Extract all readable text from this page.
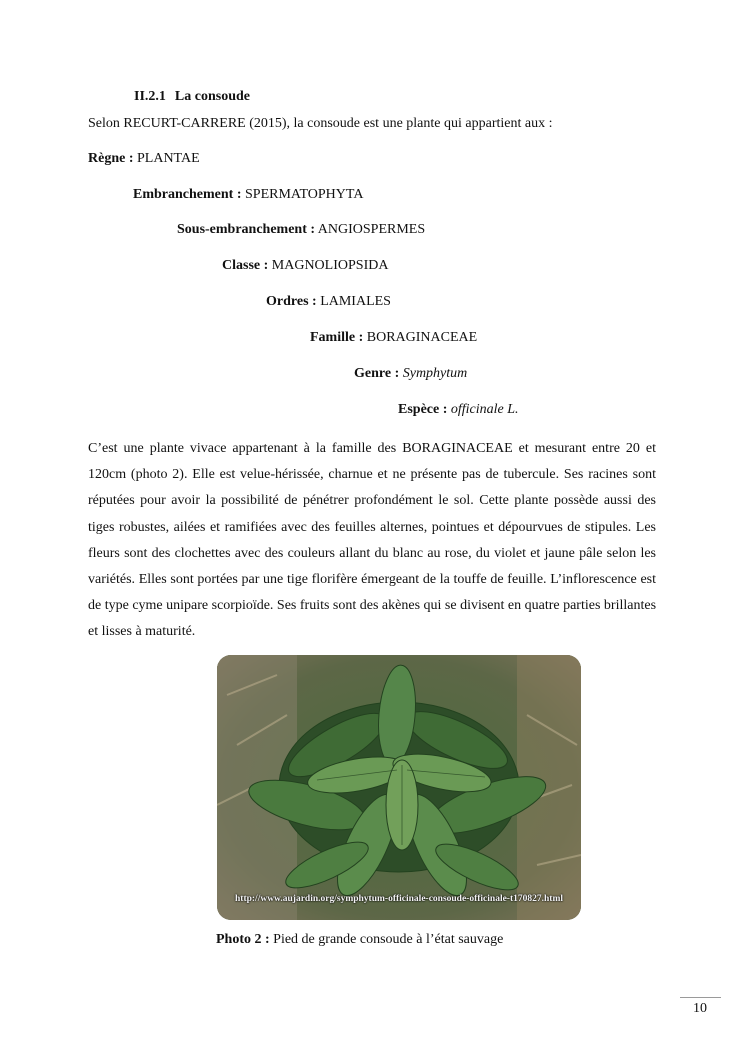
II.2.1 La consoude
Selon RECURT-CARRERE (2015), la consoude est une plante qui appartient aux :
Règne : PLANTAE
Embranchement : SPERMATOPHYTA
Sous-embranchement : ANGIOSPERMES
Classe : MAGNOLIOPSIDA
Ordres : LAMIALES
Famille : BORAGINACEAE
Genre : Symphytum
Espèce : officinale L.

C’est une plante vivace appartenant à la famille des BORAGINACEAE et mesurant entre 20 et 120cm (photo 2). Elle est velue-hérissée, charnue et ne présente pas de tubercule. Ses racines sont réputées pour avoir la possibilité de pénétrer profondément le sol. Cette plante possède aussi des tiges robustes, ailées et ramifiées avec des feuilles alternes, pointues et dépourvues de stipules. Les fleurs sont des clochettes avec des couleurs allant du blanc au rose, du violet et jaune pâle selon les variétés. Elles sont portées par une tige florifère émergeant de la touffe de feuille. L’inflorescence est de type cyme unipare scorpioïde. Ses fruits sont des akènes qui se divisent en quatre parties brillantes et lisses à maturité.

http://www.aujardin.org/symphytum-officinale-consoude-officinale-t170827.html
Photo 2 : Pied de grande consoude à l’état sauvage
10
